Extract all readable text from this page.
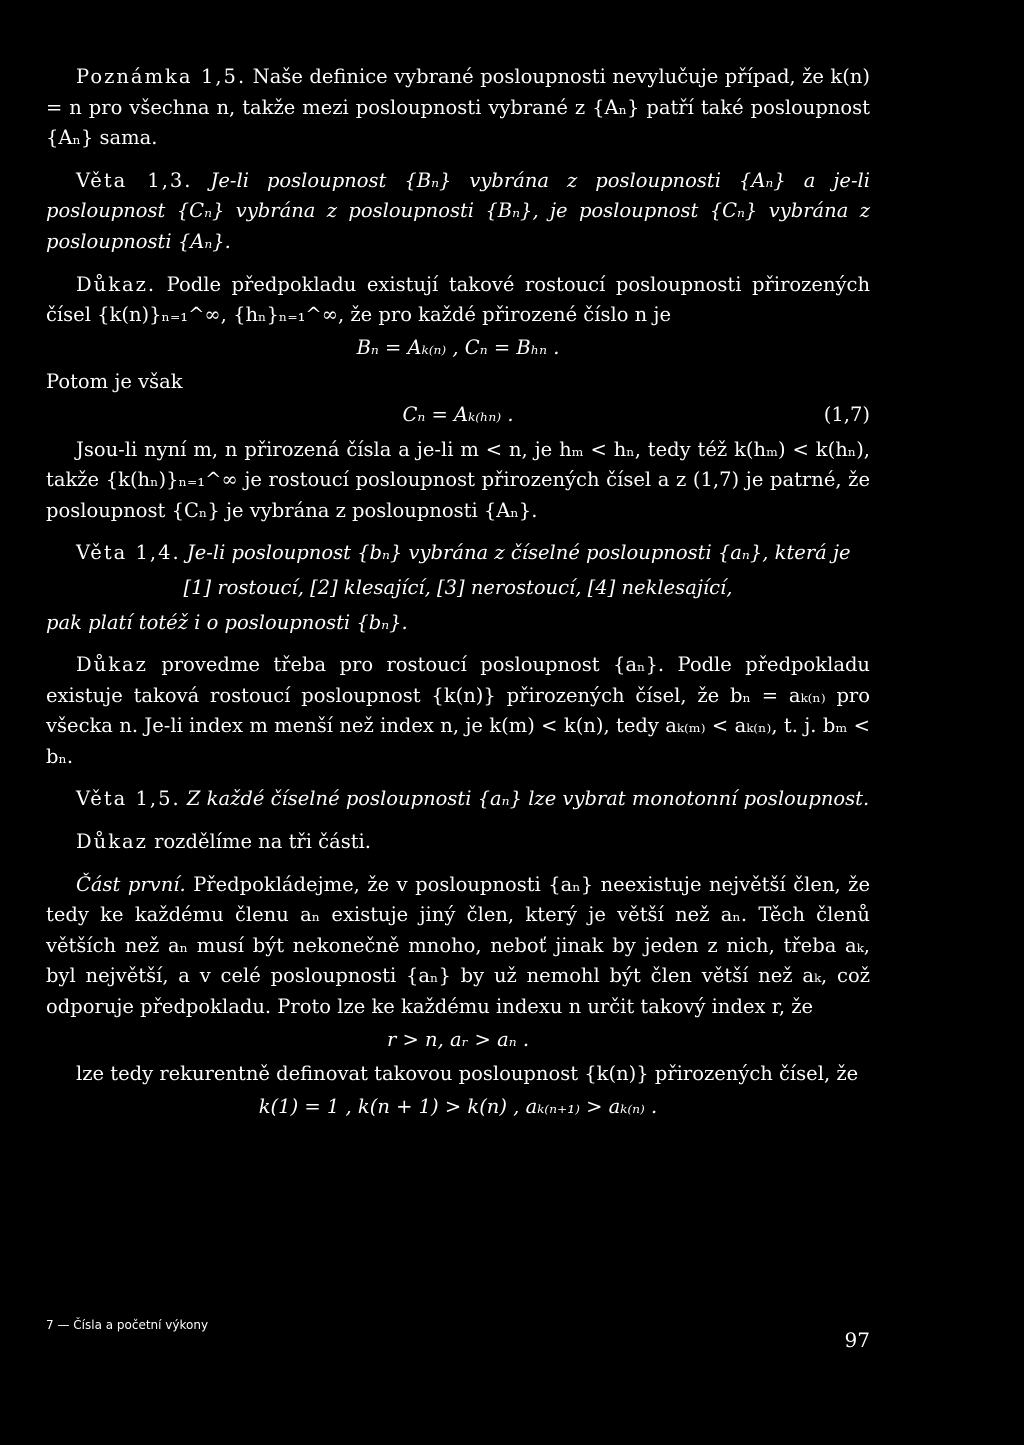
Poznámka 1,5. Naše definice vybrané posloupnosti nevylučuje případ, že k(n) = n pro všechna n, takže mezi posloupnosti vybrané z {Aₙ} patří také posloupnost {Aₙ} sama.

Věta 1,3. Je-li posloupnost {Bₙ} vybrána z posloupnosti {Aₙ} a je-li posloupnost {Cₙ} vybrána z posloupnosti {Bₙ}, je posloupnost {Cₙ} vybrána z posloupnosti {Aₙ}.

Důkaz. Podle předpokladu existují takové rostoucí posloupnosti přirozených čísel {k(n)}ₙ₌₁^∞, {hₙ}ₙ₌₁^∞, že pro každé přirozené číslo n je

Bₙ = Aₖ₍ₙ₎ , Cₙ = Bₕₙ .

Potom je však

Cₙ = Aₖ₍ₕₙ₎ .	(1,7)

Jsou-li nyní m, n přirozená čísla a je-li m < n, je hₘ < hₙ, tedy též k(hₘ) < k(hₙ), takže {k(hₙ)}ₙ₌₁^∞ je rostoucí posloupnost přirozených čísel a z (1,7) je patrné, že posloupnost {Cₙ} je vybrána z posloupnosti {Aₙ}.

Věta 1,4. Je-li posloupnost {bₙ} vybrána z číselné posloupnosti {aₙ}, která je

[1] rostoucí, [2] klesající, [3] nerostoucí, [4] neklesající,

pak platí totéž i o posloupnosti {bₙ}.

Důkaz provedme třeba pro rostoucí posloupnost {aₙ}. Podle předpokladu existuje taková rostoucí posloupnost {k(n)} přirozených čísel, že bₙ = aₖ₍ₙ₎ pro všecka n. Je-li index m menší než index n, je k(m) < k(n), tedy aₖ₍ₘ₎ < aₖ₍ₙ₎, t. j. bₘ < bₙ.

Věta 1,5. Z každé číselné posloupnosti {aₙ} lze vybrat monotonní posloupnost.

Důkaz rozdělíme na tři části.

Část první. Předpokládejme, že v posloupnosti {aₙ} neexistuje největší člen, že tedy ke každému členu aₙ existuje jiný člen, který je větší než aₙ. Těch členů větších než aₙ musí být nekonečně mnoho, neboť jinak by jeden z nich, třeba aₖ, byl největší, a v celé posloupnosti {aₙ} by už nemohl být člen větší než aₖ, což odporuje předpokladu. Proto lze ke každému indexu n určit takový index r, že

r > n, aᵣ > aₙ .

lze tedy rekurentně definovat takovou posloupnost {k(n)} přirozených čísel, že

k(1) = 1 , k(n + 1) > k(n) , aₖ₍ₙ₊₁₎ > aₖ₍ₙ₎ .
7 — Čísla a početní výkony
97
